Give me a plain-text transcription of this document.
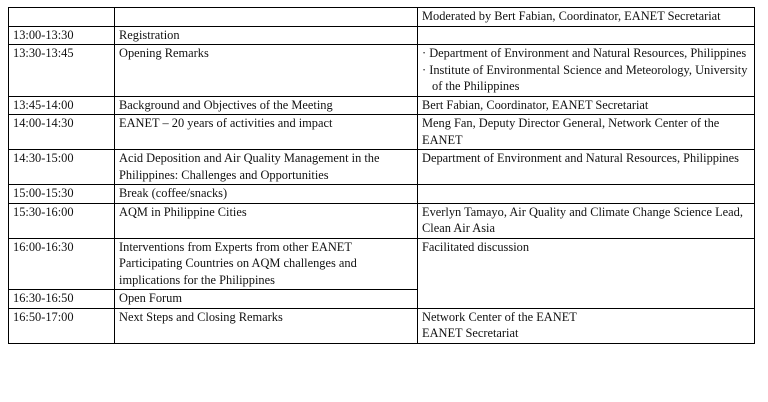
		Moderated by Bert Fabian, Coordinator, EANET Secretariat
13:00-13:30	Registration	
13:30-13:45	Opening Remarks	· Department of Environment and Natural Resources, Philippines
· Institute of Environmental Science and Meteorology, University of the Philippines

13:45-14:00	Background and Objectives of the Meeting	Bert Fabian, Coordinator, EANET Secretariat
14:00-14:30	EANET – 20 years of activities and impact	Meng Fan, Deputy Director General, Network Center of the EANET
14:30-15:00	Acid Deposition and Air Quality Management in the Philippines: Challenges and Opportunities	Department of Environment and Natural Resources, Philippines
15:00-15:30	Break (coffee/snacks)	
15:30-16:00	AQM in Philippine Cities	Everlyn Tamayo, Air Quality and Climate Change Science Lead, Clean Air Asia
16:00-16:30	Interventions from Experts from other EANET Participating Countries on AQM challenges and implications for the Philippines	Facilitated discussion
16:30-16:50	Open Forum	
16:50-17:00	Next Steps and Closing Remarks	Network Center of the EANET
EANET Secretariat
